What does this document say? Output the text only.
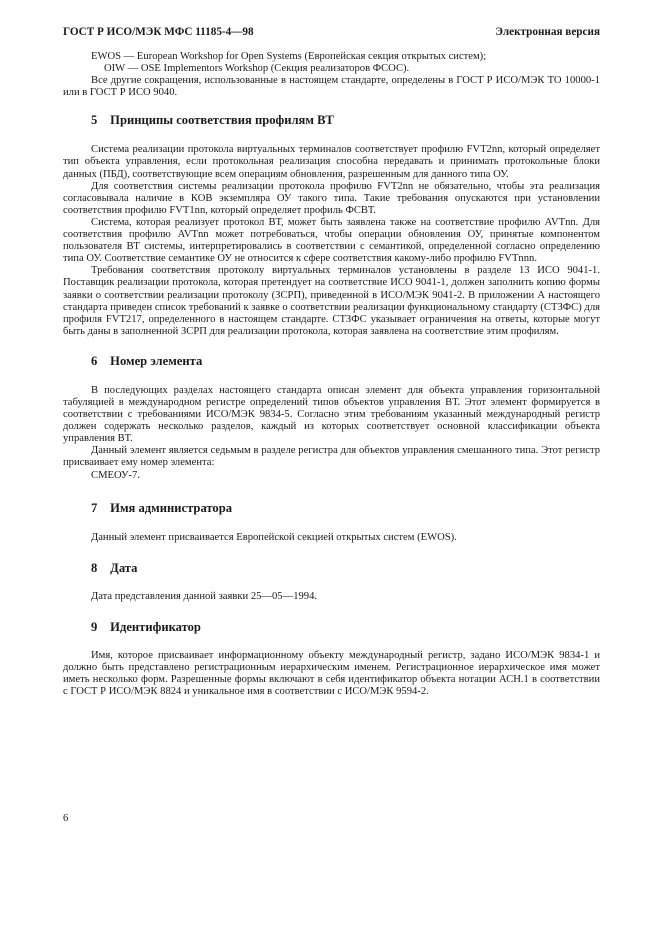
ГОСТ Р ИСО/МЭК МФС 11185-4—98	Электронная версия

EWOS — European Workshop for Open Systems (Европейская секция открытых систем);

OIW — OSE Implementors Workshop (Секция реализаторов ФСОС).

Все другие сокращения, использованные в настоящем стандарте, определены в ГОСТ Р ИСО/МЭК ТО 10000-1 или в ГОСТ Р ИСО 9040.

5 Принципы соответствия профилям ВТ

Система реализации протокола виртуальных терминалов соответствует профилю FVT2nn, который определяет тип объекта управления, если протокольная реализация способна передавать и принимать протокольные блоки данных (ПБД), соответствующие всем операциям обновления, разрешенным для данного типа ОУ.

Для соответствия системы реализации протокола профилю FVT2nn не обязательно, чтобы эта реализация согласовывала наличие в КОВ экземпляра ОУ такого типа. Такие требования опускаются при установлении соответствия профилю FVT1nn, который определяет профиль ФСВТ.

Система, которая реализует протокол ВТ, может быть заявлена также на соответствие профилю AVTnn. Для соответствия профилю AVTnn может потребоваться, чтобы операции обновления ОУ, принятые компонентом пользователя ВТ системы, интерпретировались в соответствии с семантикой, определенной согласно определению типа ОУ. Соответствие семантике ОУ не относится к сфере соответствия какому-либо профилю FVTnnn.

Требования соответствия протоколу виртуальных терминалов установлены в разделе 13 ИСО 9041-1. Поставщик реализации протокола, которая претендует на соответствие ИСО 9041-1, должен заполнить копию формы заявки о соответствии реализации протоколу (ЗСРП), приведенной в ИСО/МЭК 9041-2. В приложении А настоящего стандарта приведен список требований к заявке о соответствии реализации функциональному стандарту (СТЗФС) для профиля FVT217, определенного в настоящем стандарте. СТЗФС указывает ограничения на ответы, которые могут быть даны в заполненной ЗСРП для реализации протокола, которая заявлена на соответствие этим профилям.

6 Номер элемента

В последующих разделах настоящего стандарта описан элемент для объекта управления горизонтальной табуляцией в международном регистре определений типов объектов управления ВТ. Этот элемент формируется в соответствии с требованиями ИСО/МЭК 9834-5. Согласно этим требованиям указанный международный регистр должен содержать несколько разделов, каждый из которых соответствует основной классификации объекта управления ВТ.

Данный элемент является седьмым в разделе регистра для объектов управления смешанного типа. Этот регистр присваивает ему номер элемента:

СМЕОУ-7.

7 Имя администратора

Данный элемент присваивается Европейской секцией открытых систем (EWOS).

8 Дата

Дата представления данной заявки 25—05—1994.

9 Идентификатор

Имя, которое присваивает информационному объекту международный регистр, задано ИСО/МЭК 9834-1 и должно быть представлено регистрационным иерархическим именем. Регистрационное иерархическое имя может иметь несколько форм. Разрешенные формы включают в себя идентификатор объекта нотации АСН.1 в соответствии с ГОСТ Р ИСО/МЭК 8824 и уникальное имя в соответствии с ИСО/МЭК 9594-2.

6
